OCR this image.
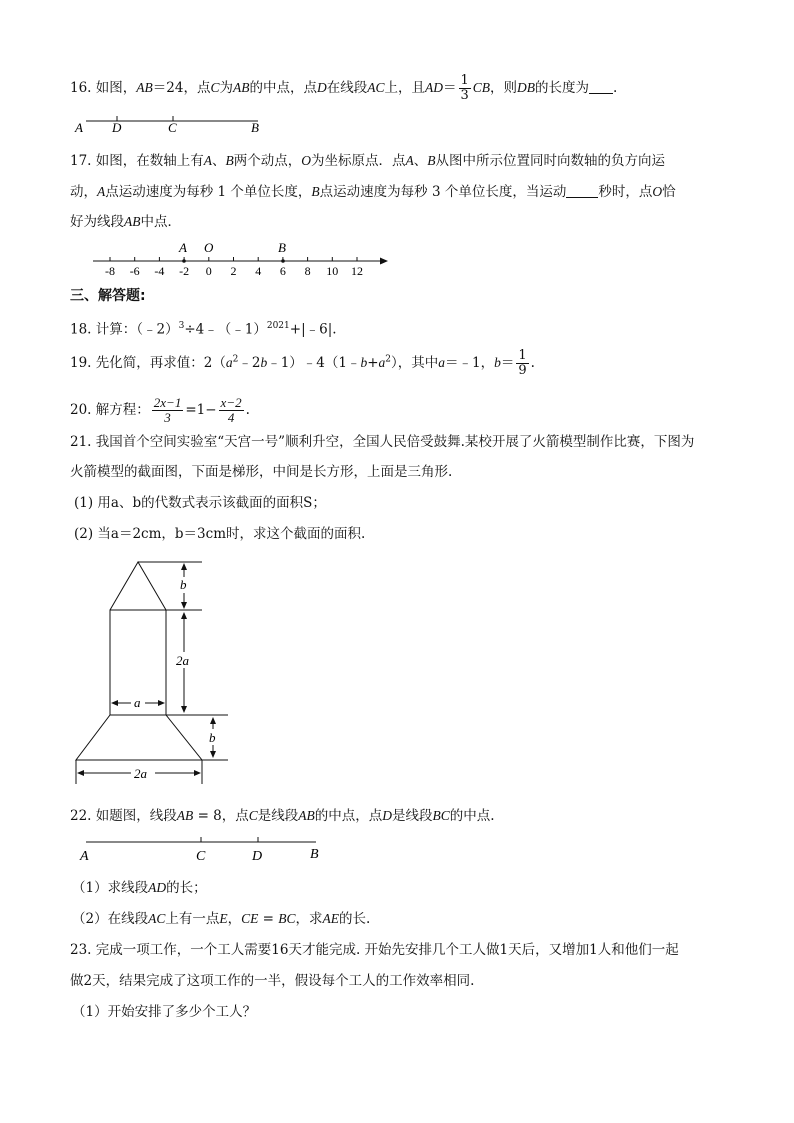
16. 如图，AB＝24，点C为AB的中点，点D在线段AC上，且$AD= \frac{1}{3}$ CB，则DB的长度为 .
A D	C	B
17. 如图，在数轴上有A、B两个动点，O为坐标原点．点A、B从图中所示位置同时向数轴的负方向运
动，A点运动速度为每秒 1 个单位长度，B点运动速度为每秒 3 个单位长度，当运动 秒时，点O恰
好为线段AB中点．
-8 -6 -4 -2 0 2 4 6 8 10 12
A O	B
三、解答题:
18. 计算：（﹣2）$^3$÷4﹣（﹣1）$^{2021}$+|﹣6|.
19. 先化简，再求值：$2(a^2﹣2b﹣1)﹣4(1﹣b+a^2)$，其中a＝﹣1，$b= \frac{1}{9}$ .
20. 解方程： $\frac{2x-1}{3} =1- \frac{x-2}{4}$ .
21. 我国首个空间实验室“天宫一号”顺利升空，全国人民倍受鼓舞.某校开展了火箭模型制作比赛，下图为
火箭模型的截面图，下面是梯形，中间是长方形，上面是三角形.
(1) 用a、b的代数式表示该截面的面积S；
(2) 当a＝2cm，b＝3cm时，求这个截面的面积.
b
2a
a
b
2a
22. 如题图，线段AB = 8，点C是线段AB的中点，点D是线段BC的中点.
A	C	D	B
（1）求线段AD的长；
（2）在线段AC上有一点E，CE = BC，求AE的长.
23. 完成一项工作，一个工人需要16天才能完成. 开始先安排几个工人做1天后，又增加1人和他们一起
做2天，结果完成了这项工作的一半，假设每个工人的工作效率相同.
（1）开始安排了多少个工人？
